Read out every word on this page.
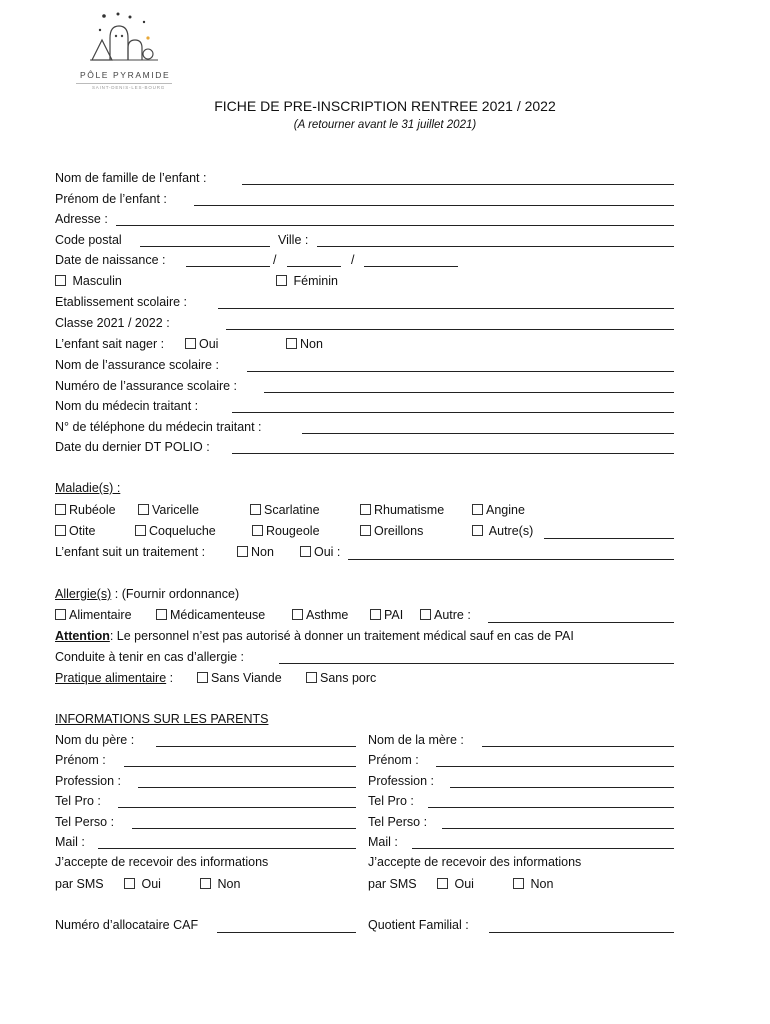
PÔLE PYRAMIDE
SAINT-DENIS-LES-BOURG
FICHE DE PRE-INSCRIPTION RENTREE 2021 / 2022
(A retourner avant le 31 juillet 2021)
Nom de famille de l’enfant :
Prénom de l’enfant :
Adresse :
Code postal	Ville :
Date de naissance :	/	/
Masculin	Féminin
Etablissement scolaire :
Classe 2021 / 2022 :
L’enfant sait nager :	Oui	Non
Nom de l’assurance scolaire :
Numéro de l’assurance scolaire :
Nom du médecin traitant :
N° de téléphone du médecin traitant :
Date du dernier DT POLIO :
Maladie(s) :
Rubéole	Varicelle	Scarlatine	Rhumatisme	Angine
Otite	Coqueluche	Rougeole	Oreillons	Autre(s)
L’enfant suit un traitement :	Non	Oui :
Allergie(s) : (Fournir ordonnance)
Alimentaire	Médicamenteuse	Asthme	PAI	Autre :
Attention: Le personnel n’est pas autorisé à donner un traitement médical sauf en cas de PAI
Conduite à tenir en cas d’allergie :
Pratique alimentaire :	Sans Viande	Sans porc
INFORMATIONS SUR LES PARENTS
Nom du père :	Nom de la mère :
Prénom :	Prénom :
Profession :	Profession :
Tel Pro :	Tel Pro :
Tel Perso :	Tel Perso :
Mail :	Mail :
J’accepte de recevoir des informations	J’accepte de recevoir des informations
par SMS	Oui	Non	par SMS	Oui	Non
Numéro d’allocataire CAF	Quotient Familial :
